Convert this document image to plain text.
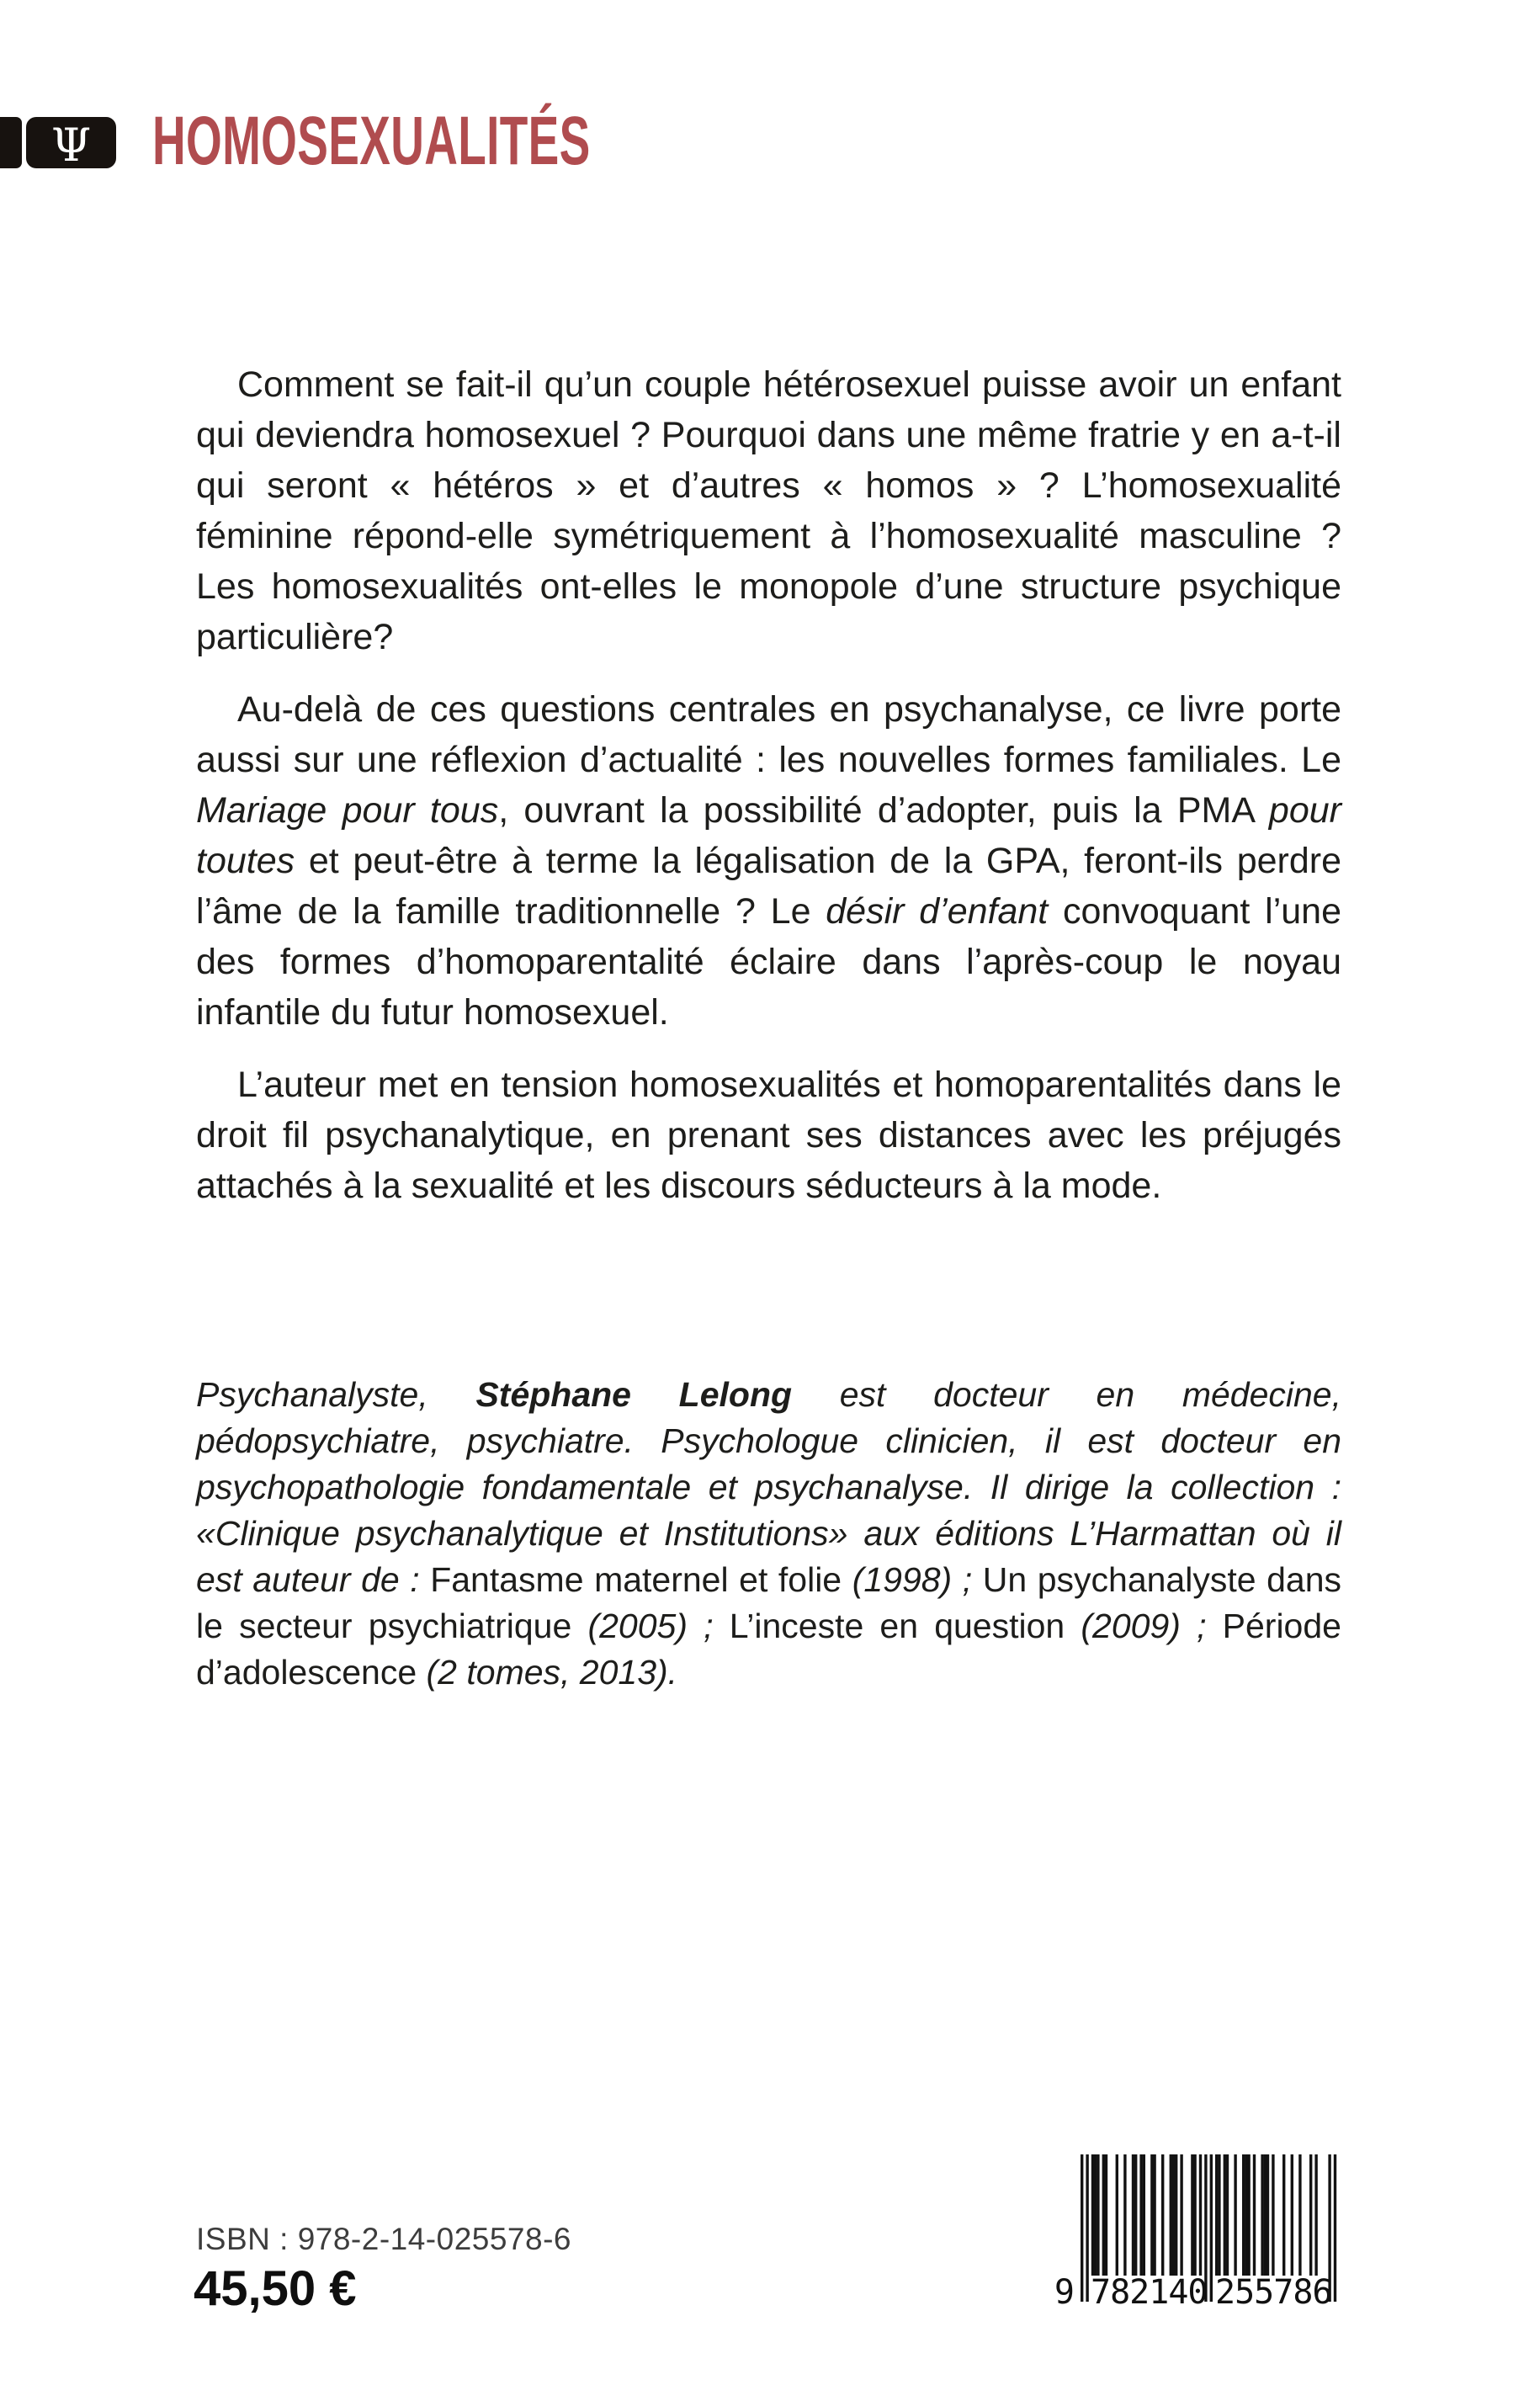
Ψ HOMOSEXUALITÉS

Comment se fait-il qu’un couple hétérosexuel puisse avoir un enfant qui deviendra homosexuel ? Pourquoi dans une même fratrie y en a-t-il qui seront « hétéros » et d’autres « homos » ? L’homosexualité féminine répond-elle symétriquement à l’homosexualité masculine ? Les homosexualités ont-elles le monopole d’une structure psychique particulière?

Au-delà de ces questions centrales en psychanalyse, ce livre porte aussi sur une réflexion d’actualité : les nouvelles formes familiales. Le Mariage pour tous, ouvrant la possibilité d’adopter, puis la PMA pour toutes et peut-être à terme la légalisation de la GPA, feront-ils perdre l’âme de la famille traditionnelle ? Le désir d’enfant convoquant l’une des formes d’homoparentalité éclaire dans l’après-coup le noyau infantile du futur homosexuel.

L’auteur met en tension homosexualités et homoparentalités dans le droit fil psychanalytique, en prenant ses distances avec les préjugés attachés à la sexualité et les discours séducteurs à la mode.

Psychanalyste, Stéphane Lelong est docteur en médecine, pédopsychiatre, psychiatre. Psychologue clinicien, il est docteur en psychopathologie fondamentale et psychanalyse. Il dirige la collection : «Clinique psychanalytique et Institutions» aux éditions L’Harmattan où il est auteur de : Fantasme maternel et folie (1998) ; Un psychanalyste dans le secteur psychiatrique (2005) ; L’inceste en question (2009) ; Période d’adolescence (2 tomes, 2013).
ISBN : 978-2-14-025578-6
45,50 €	9 782140 255786
